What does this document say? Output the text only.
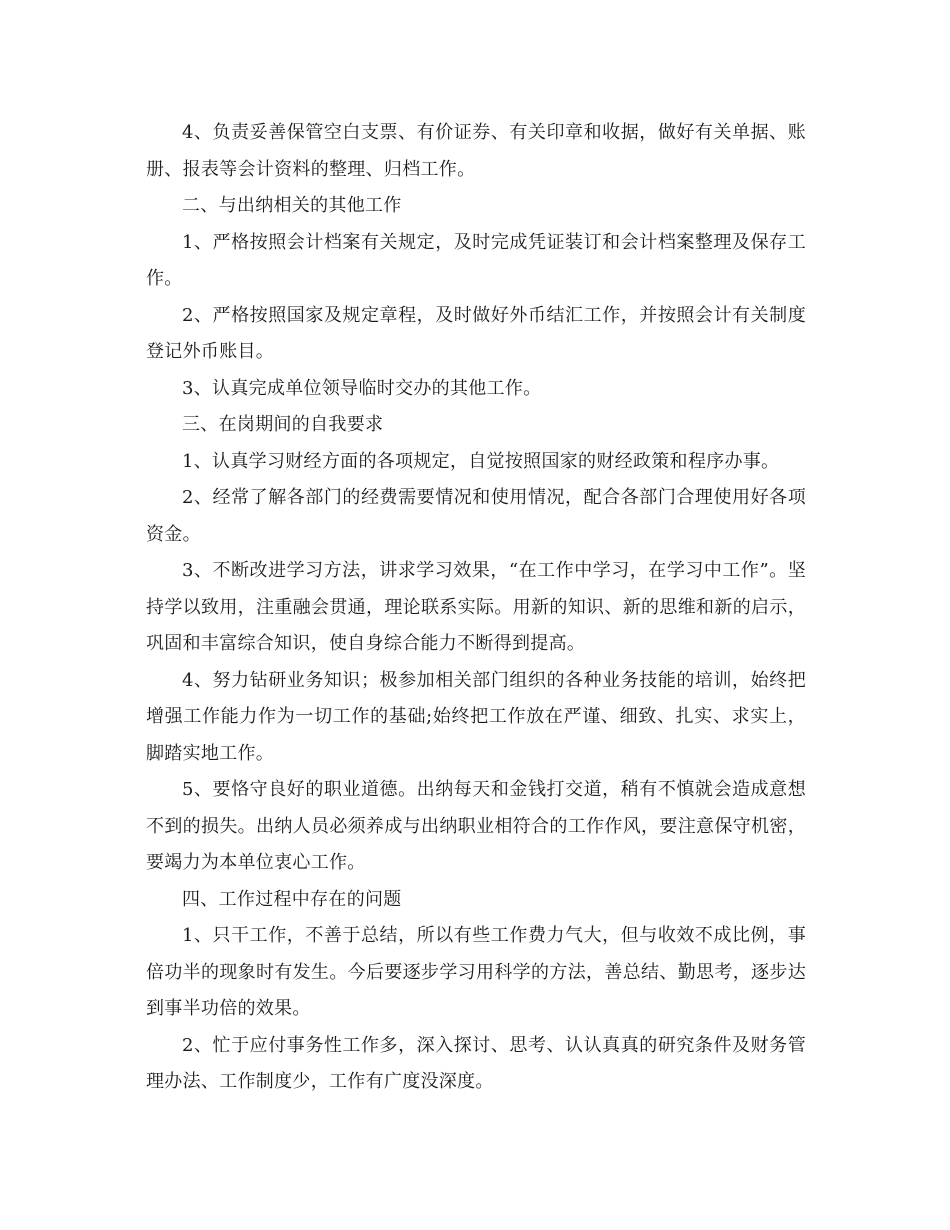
4、负责妥善保管空白支票、有价证券、有关印章和收据，做好有关单据、账册、报表等会计资料的整理、归档工作。

二、与出纳相关的其他工作

1、严格按照会计档案有关规定，及时完成凭证装订和会计档案整理及保存工作。

2、严格按照国家及规定章程，及时做好外币结汇工作，并按照会计有关制度登记外币账目。

3、认真完成单位领导临时交办的其他工作。

三、在岗期间的自我要求

1、认真学习财经方面的各项规定，自觉按照国家的财经政策和程序办事。

2、经常了解各部门的经费需要情况和使用情况，配合各部门合理使用好各项资金。

3、不断改进学习方法，讲求学习效果，“在工作中学习，在学习中工作”。坚持学以致用，注重融会贯通，理论联系实际。用新的知识、新的思维和新的启示，巩固和丰富综合知识，使自身综合能力不断得到提高。

4、努力钻研业务知识；极参加相关部门组织的各种业务技能的培训，始终把增强工作能力作为一切工作的基础;始终把工作放在严谨、细致、扎实、求实上，脚踏实地工作。

5、要恪守良好的职业道德。出纳每天和金钱打交道，稍有不慎就会造成意想不到的损失。出纳人员必须养成与出纳职业相符合的工作作风，要注意保守机密，要竭力为本单位衷心工作。

四、工作过程中存在的问题

1、只干工作，不善于总结，所以有些工作费力气大，但与收效不成比例，事倍功半的现象时有发生。今后要逐步学习用科学的方法，善总结、勤思考，逐步达到事半功倍的效果。

2、忙于应付事务性工作多，深入探讨、思考、认认真真的研究条件及财务管理办法、工作制度少，工作有广度没深度。
